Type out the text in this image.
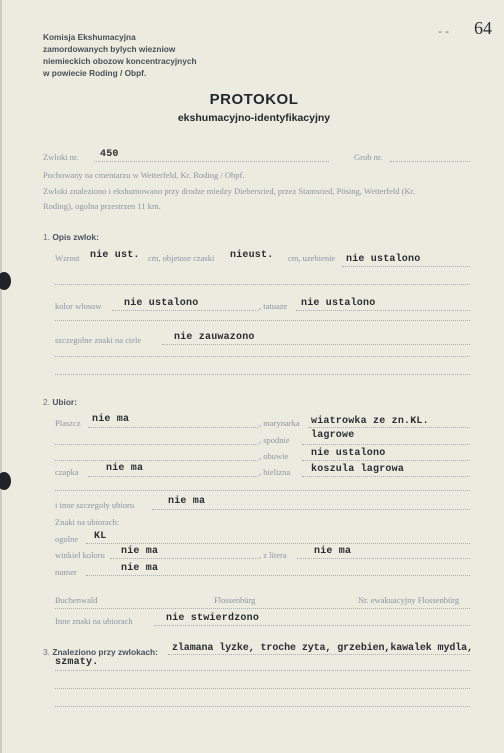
Komisja Ekshumacyjna
zamordowanych bylych wiezniow
niemieckich obozow koncentracyjnych
w powiecie Roding / Obpf.
- - 64
PROTOKOL
ekshumacyjno-identyfikacyjny
Zwloki nr. 450	Grob nr.
Pochowany na cmentarzu w Wetterfeld, Kr. Roding / Obpf.
Zwloki znaleziono i ekshumowano przy drodze miedzy Diebersried, przez Stamsried, Pösing, Wetterfeld (Kr.
Roding), ogolna przestrzen 11 km.
1. Opis zwlok:
Wzrost nie ust. cm, objetose czaski nieust. cm, uzebienie nie ustalono
kolor wlosow nie ustalono	, tatuaze nie ustalono
szczegolne znaki na ciele	nie zauwazono
2. Ubior:
Plaszcz nie ma	, marynarka wiatrowka ze zn.KL.
, spodnie lagrowe
, obuwie nie ustalono
czapka	nie ma	, bielizna koszula lagrowa
i inne szczegoly ubioru	nie ma
Znaki na ubiorach:
ogolne KL
winkiel koloru nie ma	, z litera	nie ma
numer	nie ma
Buchenwald	Flossenbürg	Nr. ewakuacyjny Flossenbürg
Inne znaki na ubiorach	nie stwierdzono
3. Znaleziono przy zwlokach: zlamana lyzke, troche zyta, grzebien,kawalek mydla,
szmaty.
